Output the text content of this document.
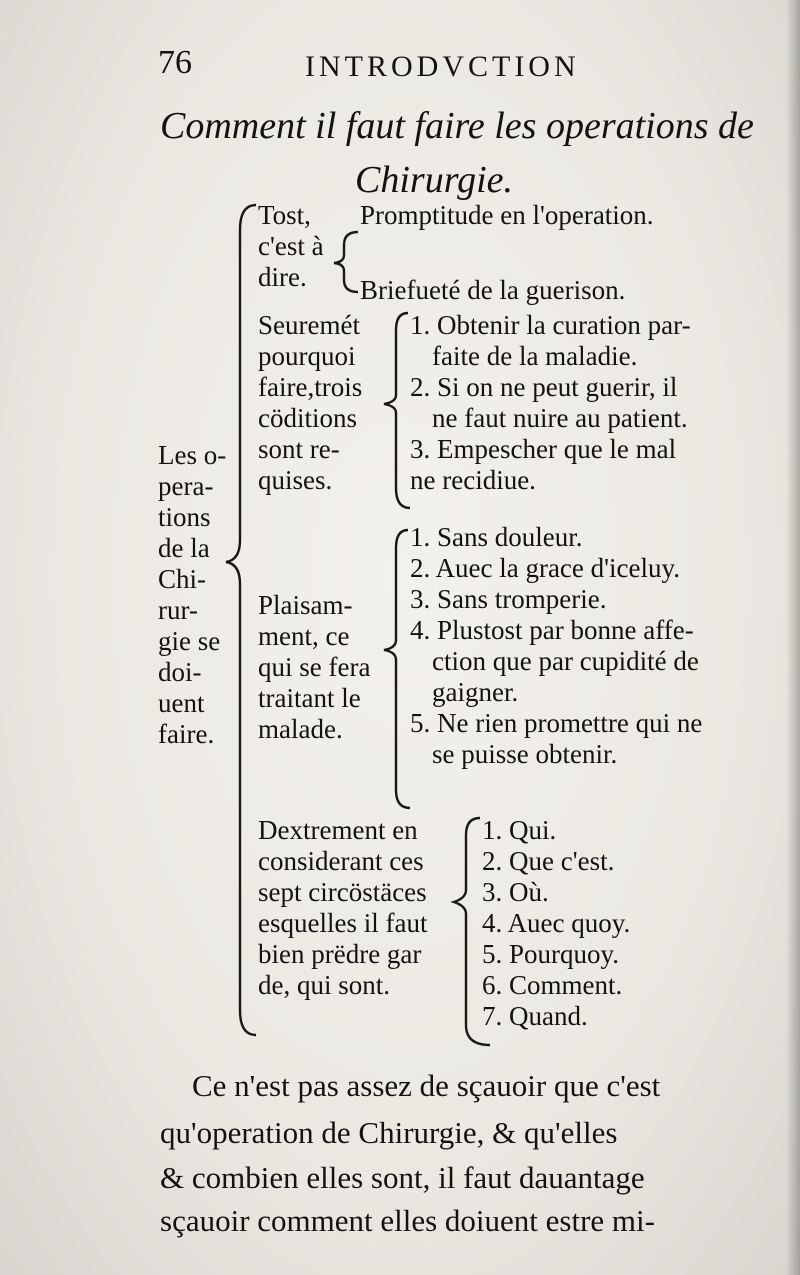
76	INTRODVCTION
Comment il faut faire les operations de
Chirurgie.
Les o-
pera-
tions
de la
Chi-
rur-
gie se
doi-
uent
faire.
Tost,
c'est à
dire.
Promptitude en l'operation.
Briefueté de la guerison.
Seuremét
pourquoi
faire,trois
cöditions
sont re-
quises.
1. Obtenir la curation par-
faite de la maladie.
2. Si on ne peut guerir, il
ne faut nuire au patient.
3. Empescher que le mal
ne recidiue.
Plaisam-
ment, ce
qui se fera
traitant le
malade.
1. Sans douleur.
2. Auec la grace d'iceluy.
3. Sans tromperie.
4. Plustost par bonne affe-
ction que par cupidité de
gaigner.
5. Ne rien promettre qui ne
se puisse obtenir.
Dextrement en
considerant ces
sept circöstäces
esquelles il faut
bien prëdre gar
de, qui sont.
1. Qui.
2. Que c'est.
3. Où.
4. Auec quoy.
5. Pourquoy.
6. Comment.
7. Quand.
Ce n'est pas assez de sçauoir que c'est
qu'operation de Chirurgie, & qu'elles
& combien elles sont, il faut dauantage
sçauoir comment elles doiuent estre mi-
